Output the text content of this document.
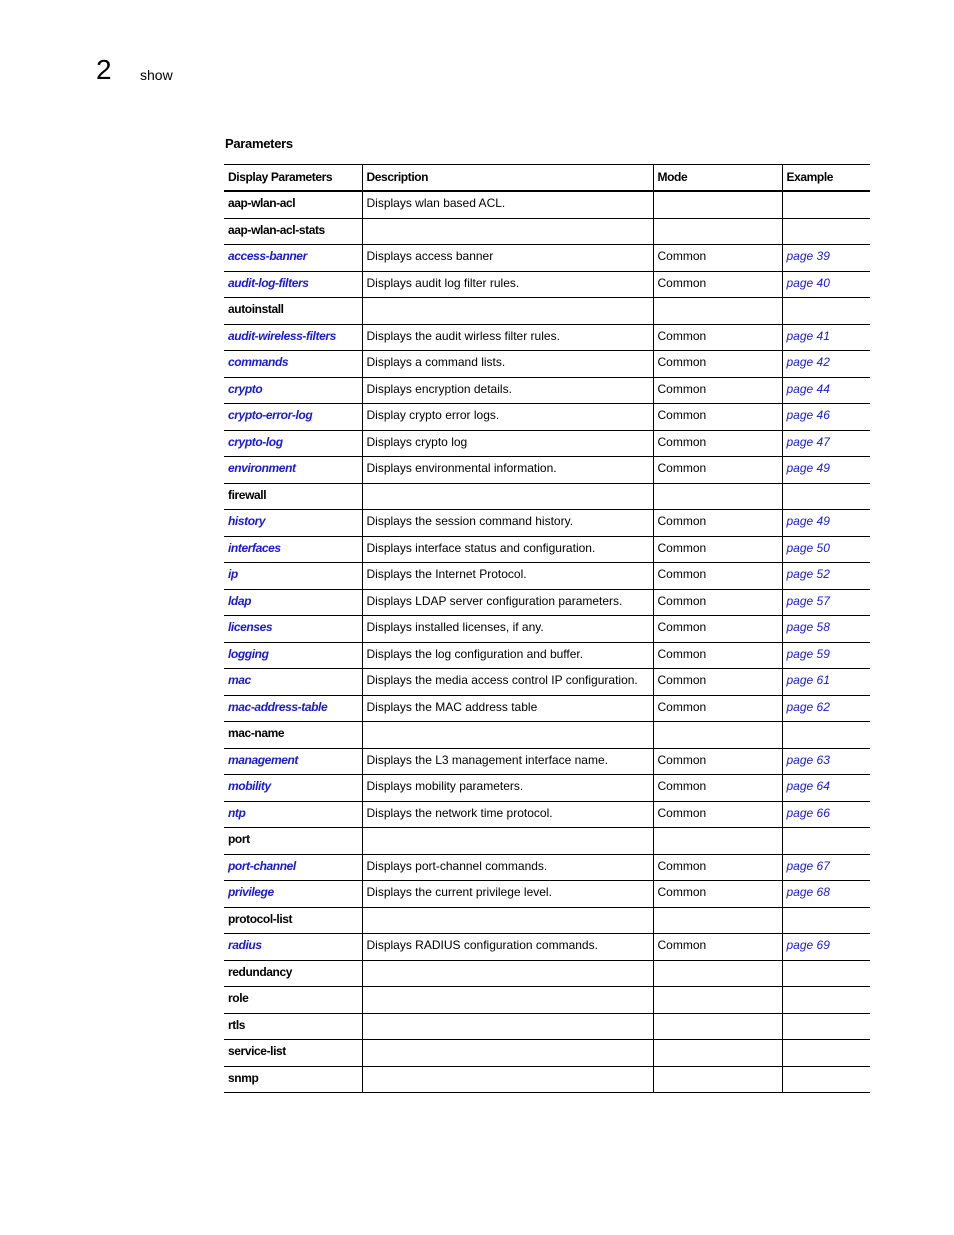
2 show
Parameters
Display Parameters	Description	Mode	Example
aap-wlan-acl	Displays wlan based ACL.		
aap-wlan-acl-stats			
access-banner	Displays access banner	Common	page 39
audit-log-filters	Displays audit log filter rules.	Common	page 40
autoinstall			
audit-wireless-filters	Displays the audit wirless filter rules.	Common	page 41
commands	Displays a command lists.	Common	page 42
crypto	Displays encryption details.	Common	page 44
crypto-error-log	Display crypto error logs.	Common	page 46
crypto-log	Displays crypto log	Common	page 47
environment	Displays environmental information.	Common	page 49
firewall			
history	Displays the session command history.	Common	page 49
interfaces	Displays interface status and configuration.	Common	page 50
ip	Displays the Internet Protocol.	Common	page 52
ldap	Displays LDAP server configuration parameters.	Common	page 57
licenses	Displays installed licenses, if any.	Common	page 58
logging	Displays the log configuration and buffer.	Common	page 59
mac	Displays the media access control IP configuration.	Common	page 61
mac-address-table	Displays the MAC address table	Common	page 62
mac-name			
management	Displays the L3 management interface name.	Common	page 63
mobility	Displays mobility parameters.	Common	page 64
ntp	Displays the network time protocol.	Common	page 66
port			
port-channel	Displays port-channel commands.	Common	page 67
privilege	Displays the current privilege level.	Common	page 68
protocol-list			
radius	Displays RADIUS configuration commands.	Common	page 69
redundancy			
role			
rtls			
service-list			
snmp			
